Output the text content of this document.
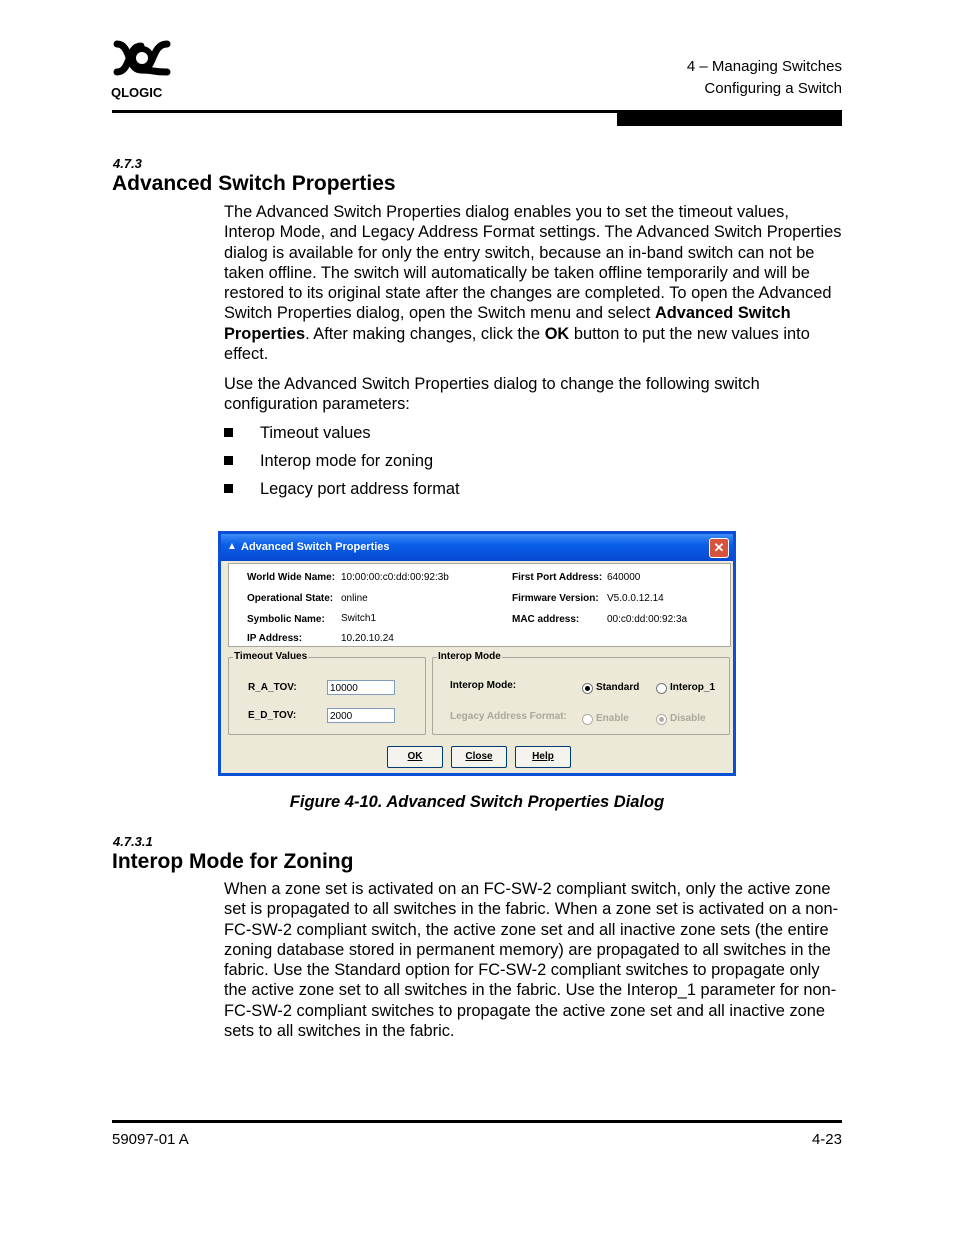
QLOGIC
4 – Managing Switches
Configuring a Switch
4.7.3
Advanced Switch Properties
The Advanced Switch Properties dialog enables you to set the timeout values, Interop Mode, and Legacy Address Format settings. The Advanced Switch Properties dialog is available for only the entry switch, because an in-band switch can not be taken offline. The switch will automatically be taken offline temporarily and will be restored to its original state after the changes are completed. To open the Advanced Switch Properties dialog, open the Switch menu and select Advanced Switch Properties. After making changes, click the OK button to put the new values into effect.
Use the Advanced Switch Properties dialog to change the following switch configuration parameters:
Timeout values
Interop mode for zoning
Legacy port address format
▲ Advanced Switch Properties	✕
World Wide Name: 10:00:00:c0:dd:00:92:3b
Operational State: online
Symbolic Name: Switch1
IP Address:	10.20.10.24
First Port Address: 640000
Firmware Version: V5.0.0.12.14
MAC address:	00:c0:dd:00:92:3a
Timeout Values
R_A_TOV:	10000
E_D_TOV:	2000
Interop Mode
Interop Mode:	Standard	Interop_1
Legacy Address Format:	Enable	Disable
OK	Close	Help
Figure 4-10. Advanced Switch Properties Dialog
4.7.3.1
Interop Mode for Zoning
When a zone set is activated on an FC-SW-2 compliant switch, only the active zone set is propagated to all switches in the fabric. When a zone set is activated on a non-FC-SW-2 compliant switch, the active zone set and all inactive zone sets (the entire zoning database stored in permanent memory) are propagated to all switches in the fabric. Use the Standard option for FC-SW-2 compliant switches to propagate only the active zone set to all switches in the fabric. Use the Interop_1 parameter for non-FC-SW-2 compliant switches to propagate the active zone set and all inactive zone sets to all switches in the fabric.
59097-01 A	4-23
